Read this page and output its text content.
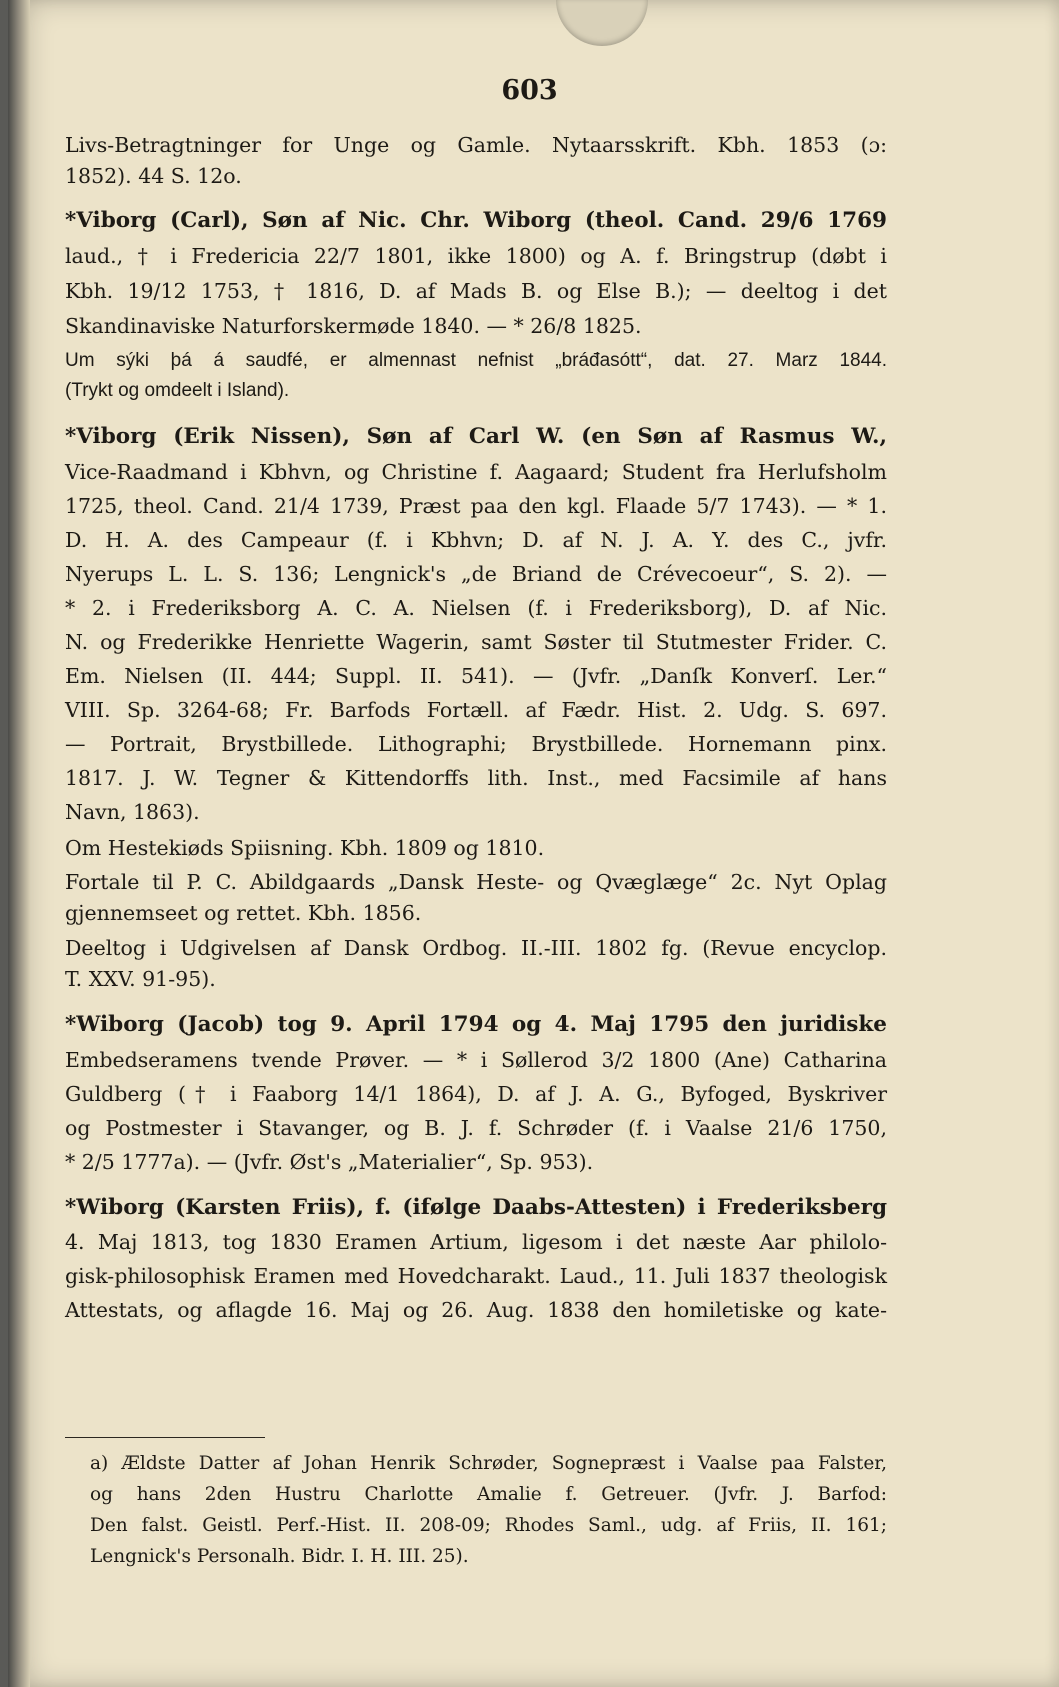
603
Livs-Betragtninger for Unge og Gamle. Nytaarsskrift. Kbh. 1853 (ɔ:
1852). 44 S. 12o.
*Viborg (Carl), Søn af Nic. Chr. Wiborg (theol. Cand. 29/6 1769
laud., † i Fredericia 22/7 1801, ikke 1800) og A. f. Bringstrup (døbt i
Kbh. 19/12 1753, † 1816, D. af Mads B. og Else B.); — deeltog i det
Skandinaviske Naturforskermøde 1840. — * 26/8 1825.
Um sýki þá á saudfé, er almennast nefnist „bráđasótt“, dat. 27. Marz 1844.
(Trykt og omdeelt i Island).
*Viborg (Erik Nissen), Søn af Carl W. (en Søn af Rasmus W.,
Vice-Raadmand i Kbhvn, og Christine f. Aagaard; Student fra Herlufsholm
1725, theol. Cand. 21/4 1739, Præst paa den kgl. Flaade 5/7 1743). — * 1.
D. H. A. des Campeaur (f. i Kbhvn; D. af N. J. A. Y. des C., jvfr.
Nyerups L. L. S. 136; Lengnick's „de Briand de Crévecoeur“, S. 2). —
* 2. i Frederiksborg A. C. A. Nielsen (f. i Frederiksborg), D. af Nic.
N. og Frederikke Henriette Wagerin, samt Søster til Stutmester Frider. C.
Em. Nielsen (II. 444; Suppl. II. 541). — (Jvfr. „Danſk Konverſ. Ler.“
VIII. Sp. 3264-68; Fr. Barfods Fortæll. af Fædr. Hist. 2. Udg. S. 697.
— Portrait, Brystbillede. Lithographi; Brystbillede. Hornemann pinx.
1817. J. W. Tegner & Kittendorffs lith. Inst., med Facsimile af hans
Navn, 1863).
Om Hestekiøds Spiisning. Kbh. 1809 og 1810.
Fortale til P. C. Abildgaards „Dansk Heste- og Qvæglæge“ 2c. Nyt Oplag
gjennemseet og rettet. Kbh. 1856.
Deeltog i Udgivelsen af Dansk Ordbog. II.-III. 1802 fg. (Revue encyclop.
T. XXV. 91-95).
*Wiborg (Jacob) tog 9. April 1794 og 4. Maj 1795 den juridiske
Embedseramens tvende Prøver. — * i Søllerod 3/2 1800 (Ane) Catharina
Guldberg († i Faaborg 14/1 1864), D. af J. A. G., Byfoged, Byskriver
og Postmester i Stavanger, og B. J. f. Schrøder (f. i Vaalse 21/6 1750,
* 2/5 1777a). — (Jvfr. Øst's „Materialier“, Sp. 953).
*Wiborg (Karsten Friis), f. (ifølge Daabs-Attesten) i Frederiksberg
4. Maj 1813, tog 1830 Eramen Artium, ligesom i det næste Aar philolo-
gisk-philosophisk Eramen med Hovedcharakt. Laud., 11. Juli 1837 theologisk
Attestats, og aflagde 16. Maj og 26. Aug. 1838 den homiletiske og kate-
a) Ældste Datter af Johan Henrik Schrøder, Sognepræst i Vaalse paa Falster,
og hans 2den Hustru Charlotte Amalie f. Getreuer. (Jvfr. J. Barfod:
Den falst. Geistl. Perf.-Hist. II. 208-09; Rhodes Saml., udg. af Friis, II. 161;
Lengnick's Personalh. Bidr. I. H. III. 25).
